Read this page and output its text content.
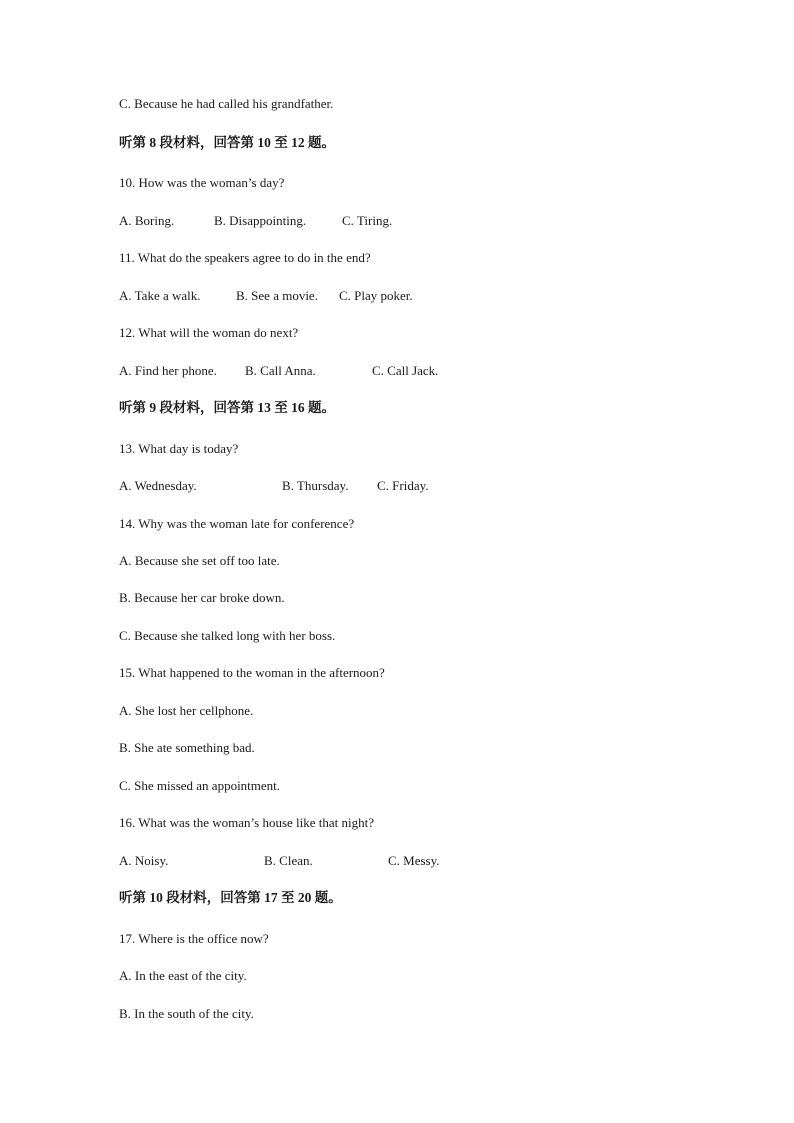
C. Because he had called his grandfather.
听第 8 段材料，回答第 10 至 12 题。
10. How was the woman’s day?
A. Boring.	B. Disappointing.	C. Tiring.
11. What do the speakers agree to do in the end?
A. Take a walk.	B. See a movie. C. Play poker.
12. What will the woman do next?
A. Find her phone. B. Call Anna.	C. Call Jack.
听第 9 段材料，回答第 13 至 16 题。
13. What day is today?
A. Wednesday.	B. Thursday. C. Friday.
14. Why was the woman late for conference?
A. Because she set off too late.
B. Because her car broke down.
C. Because she talked long with her boss.
15. What happened to the woman in the afternoon?
A. She lost her cellphone.
B. She ate something bad.
C. She missed an appointment.
16. What was the woman’s house like that night?
A. Noisy.	B. Clean.	C. Messy.
听第 10 段材料，回答第 17 至 20 题。
17. Where is the office now?
A. In the east of the city.
B. In the south of the city.
